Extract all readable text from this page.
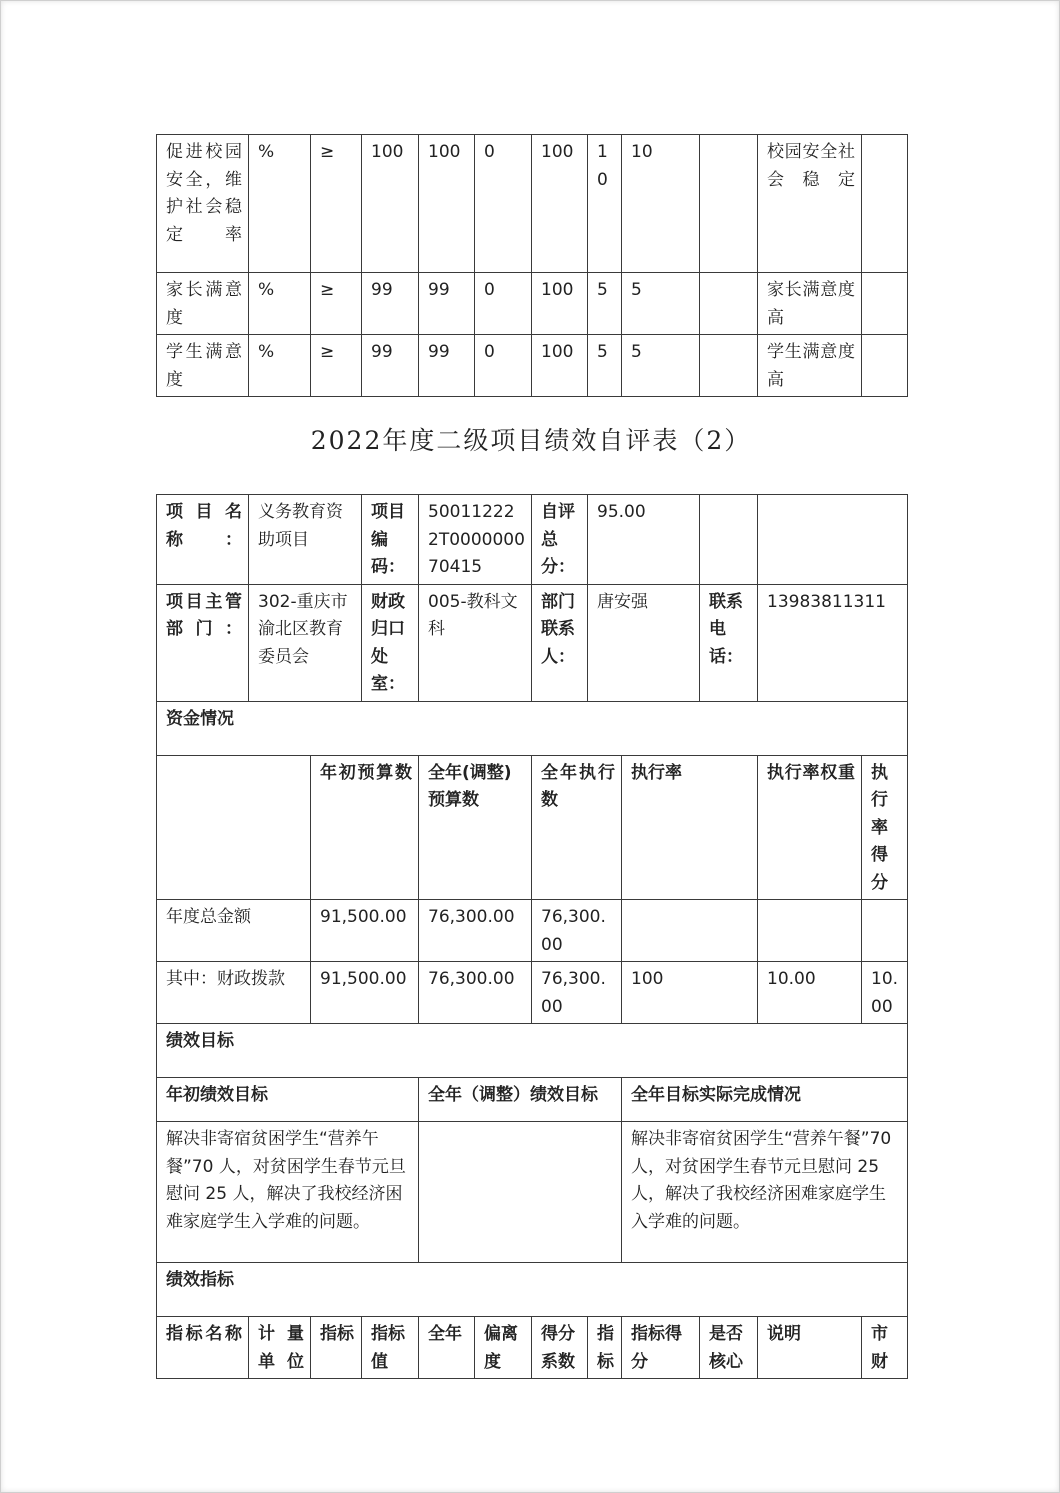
促进校园安全，维护社会稳定率	%	≥	100	100	0	100	10	10		校园安全社会稳定	
家长满意度	%	≥	99	99	0	100	5	5		家长满意度高	
学生满意度	%	≥	99	99	0	100	5	5		学生满意度高	
2022年度二级项目绩效自评表（2）
项目名称：	义务教育资助项目		项目编码：	500112222T000000070415		自评总分：	95.00				
项目主管部门：	302-重庆市渝北区教育委员会		财政归口处室：	005-教科文科		部门联系人：	唐安强		联系电话：	13983811311	
资金情况											
		年初预算数		全年(调整)预算数		全年执行数		执行率		执行率权重	执行率得分
年度总金额		91,500.00		76,300.00		76,300.00					
其中：财政拨款		91,500.00		76,300.00		76,300.00		100		10.00	10.00
绩效目标											
年初绩效目标				全年（调整）绩效目标				全年目标实际完成情况			
解决非寄宿贫困学生“营养午餐”70 人，对贫困学生春节元旦慰问 25 人，解决了我校经济困难家庭学生入学难的问题。								解决非寄宿贫困学生“营养午餐”70 人，对贫困学生春节元旦慰问 25 人，解决了我校经济困难家庭学生入学难的问题。			
绩效指标											
指标名称	计量单位	指标	指标值	全年	偏离度	得分系数	指标	指标得分	是否核心	说明	市财
